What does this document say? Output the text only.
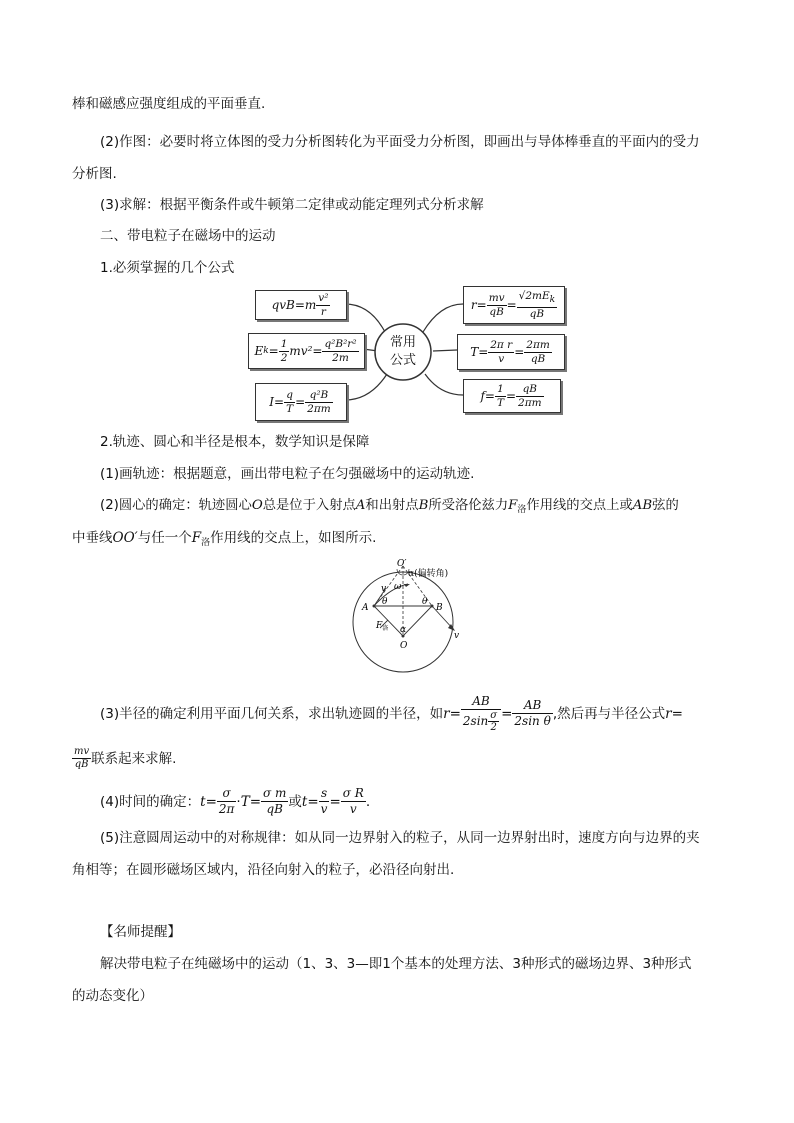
棒和磁感应强度组成的平面垂直.
(2)作图：必要时将立体图的受力分析图转化为平面受力分析图，即画出与导体棒垂直的平面内的受力
分析图.
(3)求解：根据平衡条件或牛顿第二定律或动能定理列式分析求解
二、带电粒子在磁场中的运动
1.必须掌握的几个公式
常用
公式
$qvB=m \frac{\text{v²}}{r}$
E $k = \frac{1}{2} mv^2= \frac{\text{q²B²r²}}{2m}$
$I= \frac{q}{T} = \frac{\text{q²B}}{2\pi m}$
$r= \frac{mv}{qB} = \frac{\text{√2mEk}}{qB}$
$T= \frac{\text{2π r}}{v} = \frac{2\pi m}{qB}$
$f= \frac{1}{T} = \frac{qB}{2\pi m}$
2.轨迹、圆心和半径是根本，数学知识是保障
(1)画轨迹：根据题意，画出带电粒子在匀强磁场中的运动轨迹.
(2)圆心的确定：轨迹圆心O总是位于入射点A和出射点B所受洛伦兹力$F_洛$作用线的交点上或AB弦的
中垂线OO′与任一个$F_洛$作用线的交点上，如图所示.
O′
α(偏转角)
A	B
O
v
v
ω
θ	θ
α
$F_洛$
(3)半径的确定利用平面几何关系，求出轨迹圆的半径，如 $r = \frac{AB}{2\sin \frac{\sigma}{2}} = \frac{AB}{\text{2sin θ}}$ ,然后再与半径公式 r =
$\frac{mv}{qB}$ 联系起来求解.
(4)时间的确定： $t = \frac{\sigma}{2\pi} \cdot T = \frac{\text{σ m}}{qB}$ 或 $t = \frac{s}{v} = \frac{\text{σ R}}{v}$ .
(5)注意圆周运动中的对称规律：如从同一边界射入的粒子，从同一边界射出时，速度方向与边界的夹
角相等；在圆形磁场区域内，沿径向射入的粒子，必沿径向射出.
【名师提醒】
解决带电粒子在纯磁场中的运动（1、3、3—即1个基本的处理方法、3种形式的磁场边界、3种形式
的动态变化）
